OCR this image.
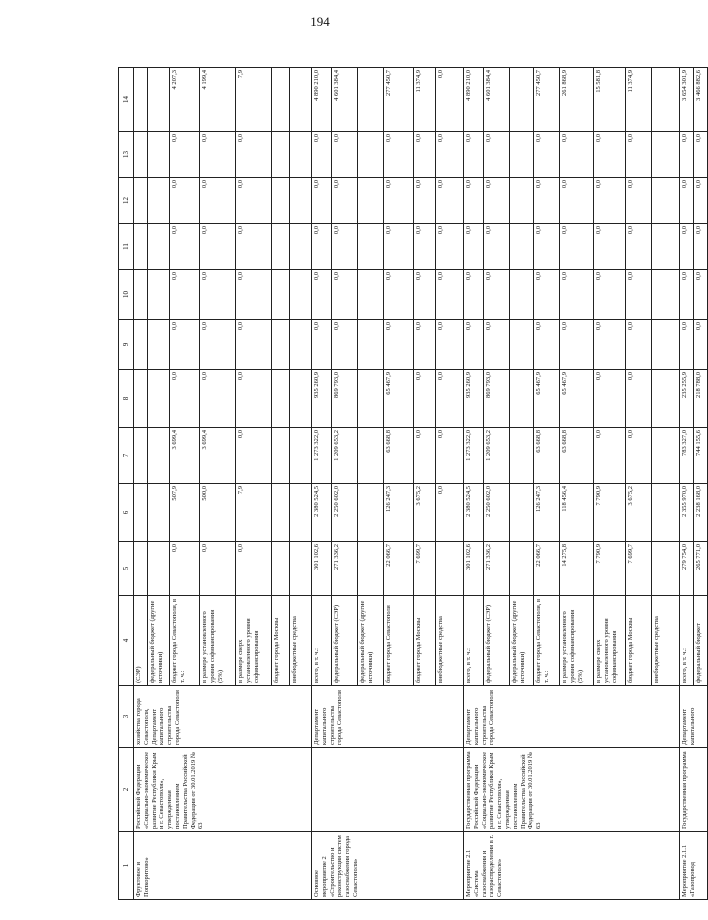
194
1	2	3	4	5	6	7	8	9	10	11	12	13	14
Фруктовое и Попкорнтово»	Российской Федерации «Социально-экономическое развитие Республики Крым и г. Севастополя», утвержденная постановлением Правительства Российской Федерации от 30.01.2019 № 63	хозяйства города Севастополя, Департамент капитального строительства города Севастополя	(СЭР)										
			федеральный бюджет (другие источники)										
			бюджет города Севастополя, в т. ч.:	0,0	507,9	3 699,4	0,0	0,0	0,0	0,0	0,0	0,0	4 207,3
			в размере установленного уровня софинансирования (5%)	0,0	500,0	3 699,4	0,0	0,0	0,0	0,0	0,0	0,0	4 199,4
			в размере сверх установленного уровня софинансирования	0,0	7,9	0,0	0,0	0,0	0,0	0,0	0,0	0,0	7,9
			бюджет города Москвы										
			внебюджетные средства										
Основное мероприятие 2 «Строительство и реконструкция систем газоснабжения города Севастополя»		Департамент капитального строительства города Севастополя	всего, в т. ч.:	301 102,6	2 380 524,5	1 273 322,0	935 260,9	0,0	0,0	0,0	0,0	0,0	4 890 210,0
			федеральный бюджет (СЭР)	271 336,2	2 250 602,0	1 209 653,2	869 793,0	0,0	0,0	0,0	0,0	0,0	4 601 384,4
			федеральный бюджет (другие источники)										
			бюджет города Севастополя	22 066,7	126 247,3	63 668,8	65 467,9	0,0	0,0	0,0	0,0	0,0	277 450,7
			бюджет города Москвы	7 699,7	3 675,2	0,0	0,0	0,0	0,0	0,0	0,0	0,0	11 374,9
			внебюджетные средства		0,0	0,0	0,0	0,0	0,0	0,0	0,0	0,0	0,0
Мероприятие 2.1 «Система газоснабжения и газораспределения в г. Севастополе»	Государственная программа Российской Федерации «Социально-экономическое развитие Республики Крым и г. Севастополя», утвержденная постановлением Правительства Российской Федерации от 30.01.2019 № 63	Департамент капитального строительства города Севастополя	всего, в т. ч.:	301 102,6	2 380 524,5	1 273 322,0	935 260,9	0,0	0,0	0,0	0,0	0,0	4 890 210,0
			федеральный бюджет (СЭР)	271 336,2	2 250 602,0	1 209 653,2	869 793,0	0,0	0,0	0,0	0,0	0,0	4 601 384,4
			федеральный бюджет (другие источники)										
			бюджет города Севастополя, в т. ч.:	22 066,7	126 247,3	63 668,8	65 467,9	0,0	0,0	0,0	0,0	0,0	277 450,7
			в размере установленного уровня софинансирования (5%)	14 275,8	118 456,4	63 668,8	65 467,9	0,0	0,0	0,0	0,0	0,0	261 868,9
			в размере сверх установленного уровня софинансирования	7 790,9	7 790,9	0,0	0,0	0,0	0,0	0,0	0,0	0,0	15 581,8
			бюджет города Москвы	7 699,7	3 675,2	0,0	0,0	0,0	0,0	0,0	0,0	0,0	11 374,9
			внебюджетные средства										
Мероприятие 2.1.1 «Газопровод	Государственная программа	Департамент капитального	всего, в т. ч.:	279 754,0	2 355 970,0	783 327,0	235 255,9	0,0	0,0	0,0	0,0	0,0	3 654 301,9
			федеральный бюджет	265 771,0	2 238 168,0	744 155,6	218 788,0	0,0	0,0	0,0	0,0	0,0	3 466 882,6
